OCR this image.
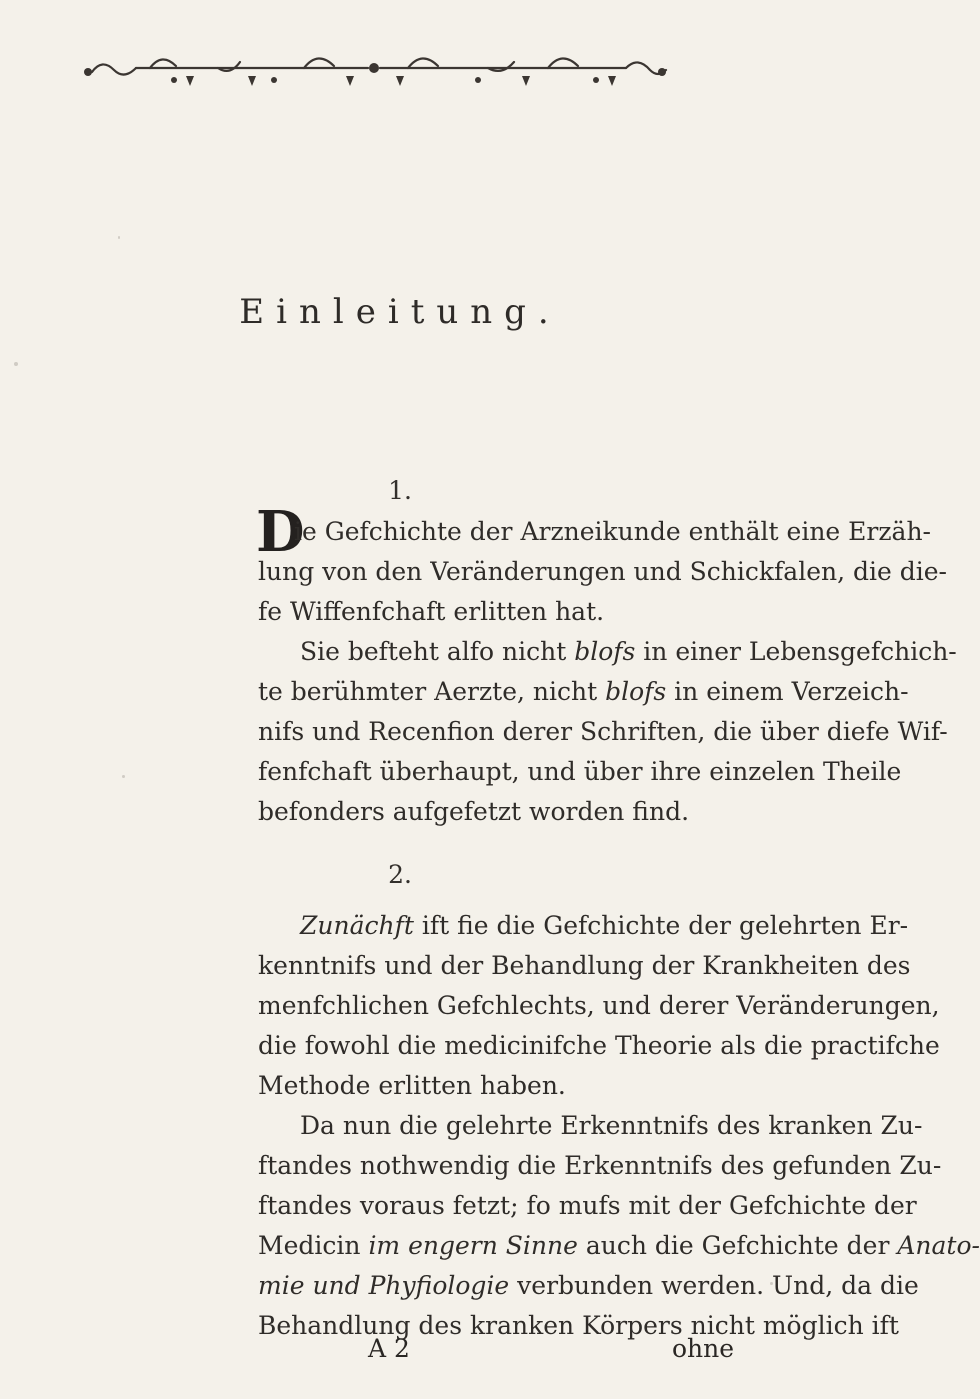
Einleitung.
1.
D
ie Gefchichte der Arzneikunde enthält eine Erzäh-
lung von den Veränderungen und Schickfalen, die die-
fe Wiffenfchaft erlitten hat.
Sie befteht alfo nicht blofs in einer Lebensgefchich-
te berühmter Aerzte, nicht blofs in einem Verzeich-
nifs und Recenfion derer Schriften, die über diefe Wif-
fenfchaft überhaupt, und über ihre einzelen Theile
befonders aufgefetzt worden find.
2.
Zunächft ift fie die Gefchichte der gelehrten Er-
kenntnifs und der Behandlung der Krankheiten des
menfchlichen Gefchlechts, und derer Veränderungen,
die fowohl die medicinifche Theorie als die practifche
Methode erlitten haben.
Da nun die gelehrte Erkenntnifs des kranken Zu-
ftandes nothwendig die Erkenntnifs des gefunden Zu-
ftandes voraus fetzt; fo mufs mit der Gefchichte der
Medicin im engern Sinne auch die Gefchichte der Anato-
mie und Phyfiologie verbunden werden. Und, da die
Behandlung des kranken Körpers nicht möglich ift
A 2	ohne
